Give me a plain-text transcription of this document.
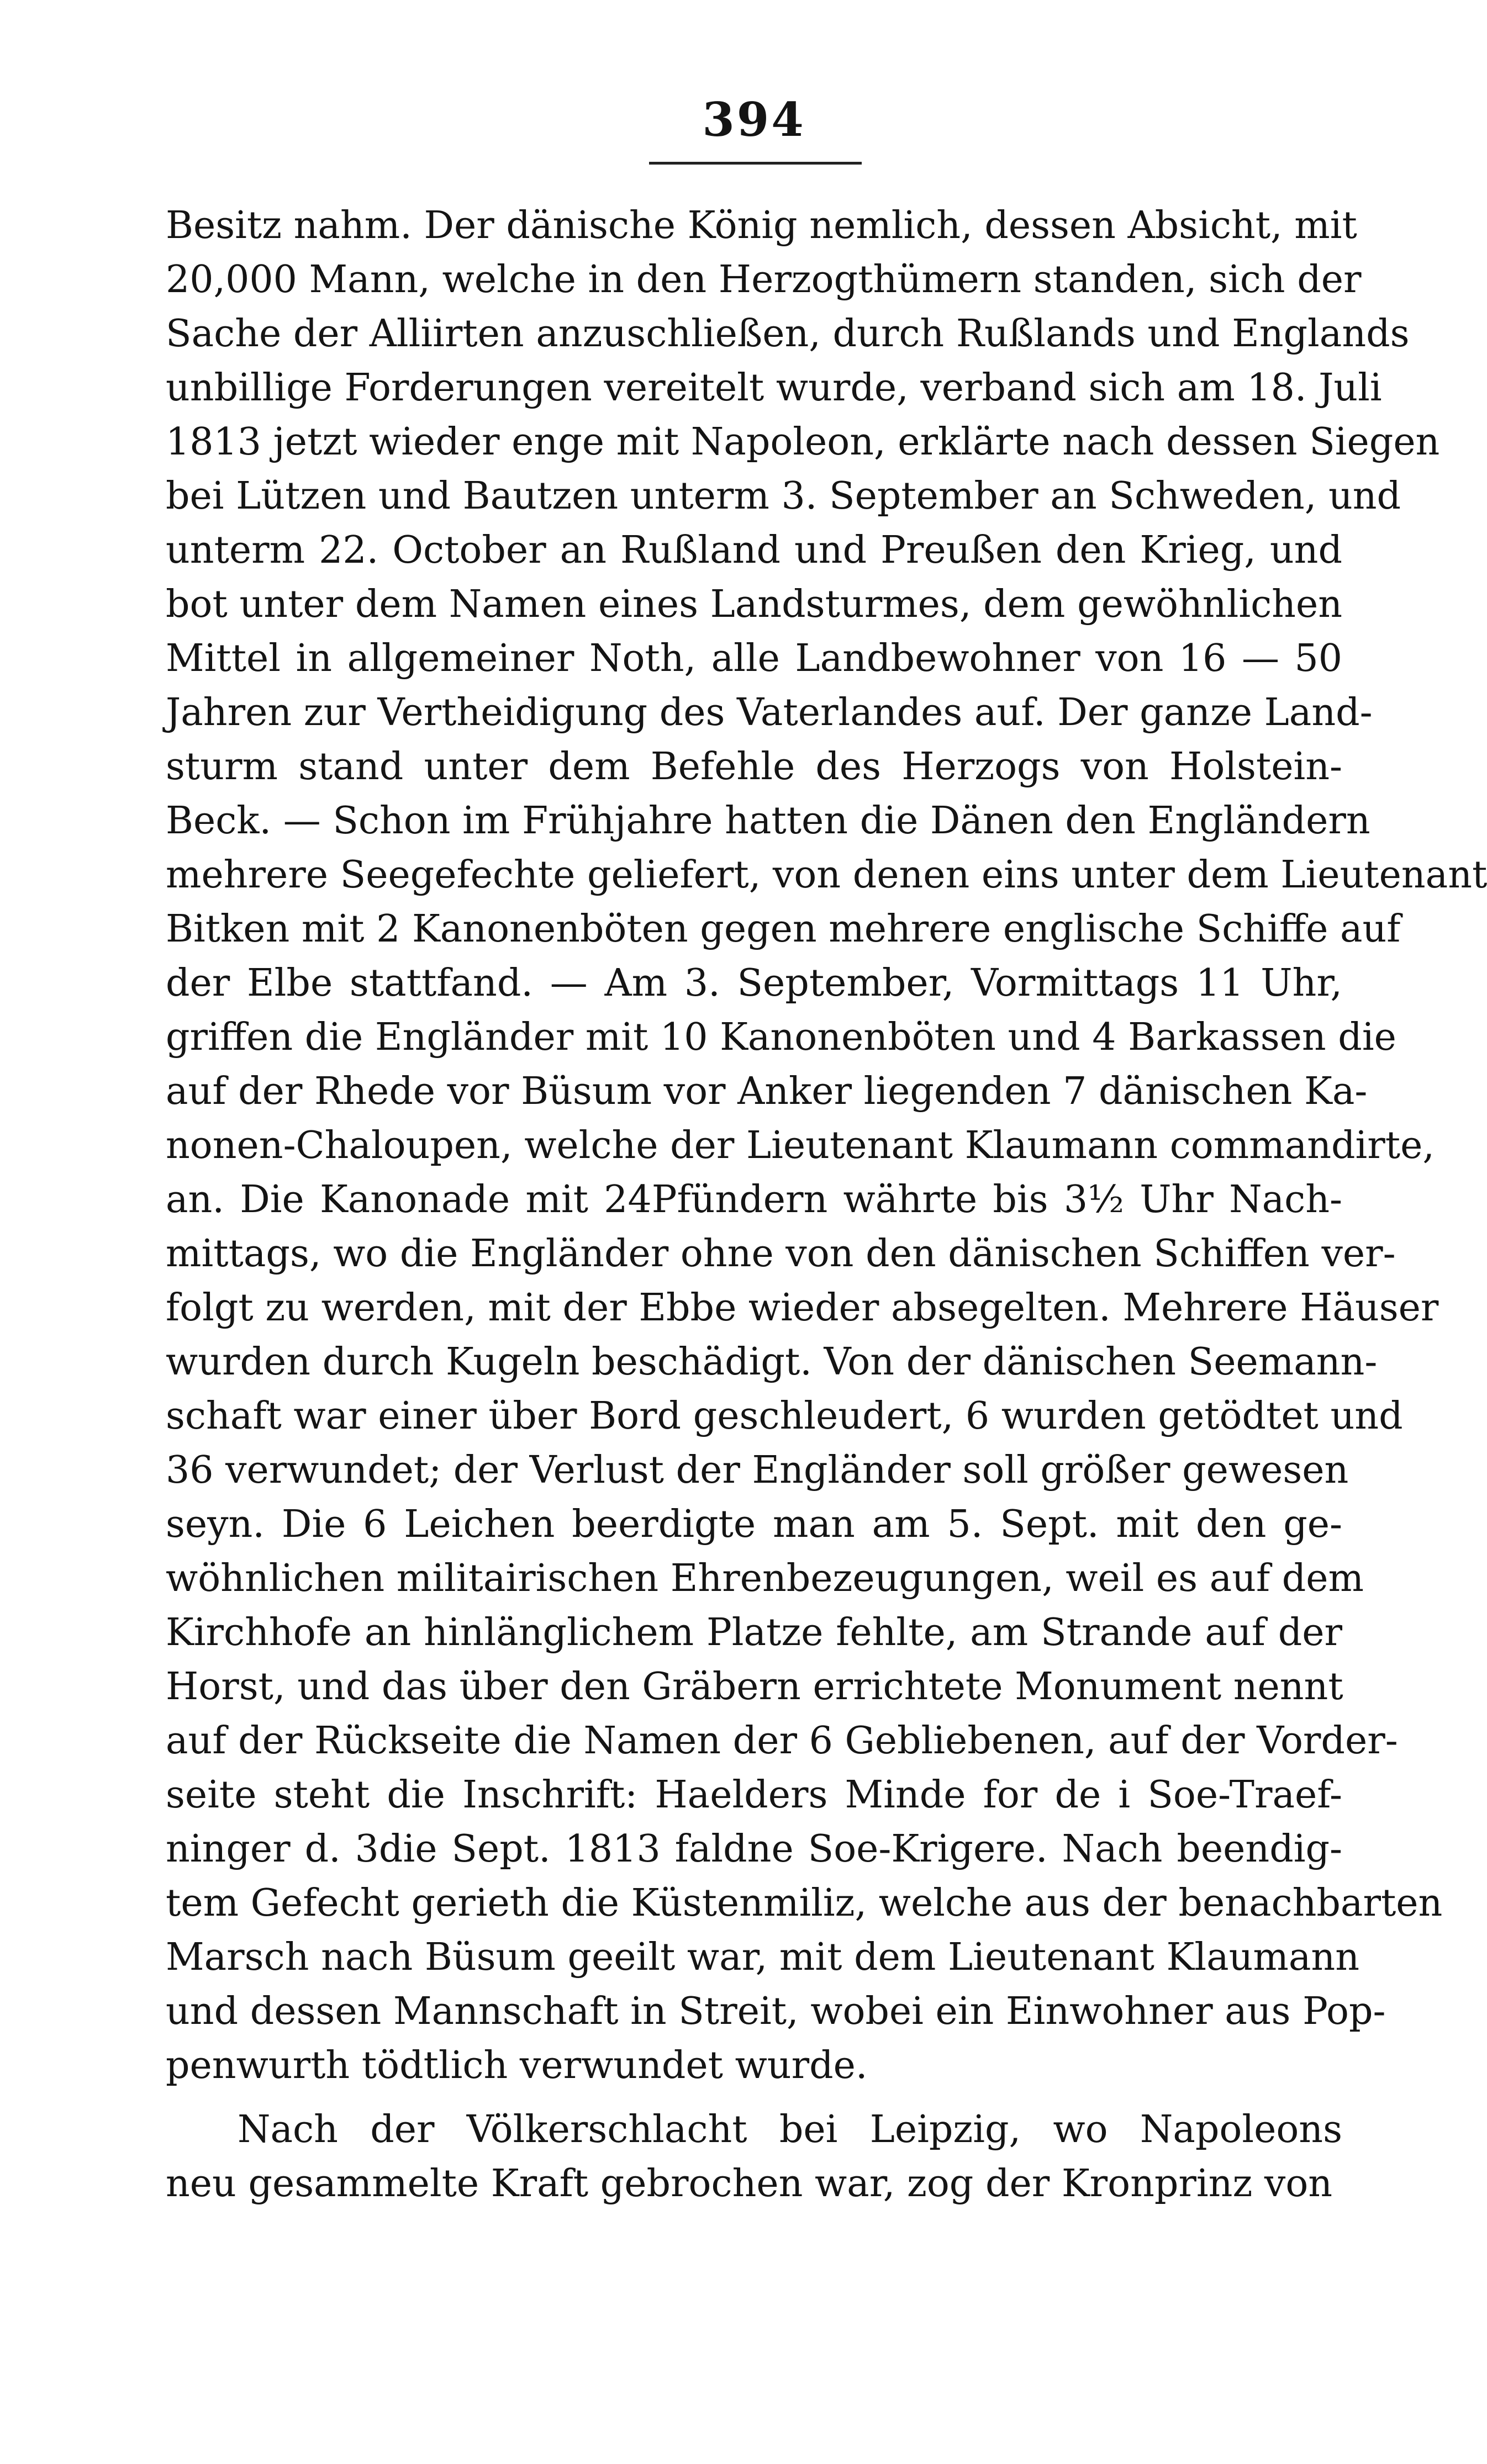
394
Besitz nahm. Der dänische König nemlich, dessen Absicht, mit
20,000 Mann, welche in den Herzogthümern standen, sich der
Sache der Alliirten anzuschließen, durch Rußlands und Englands
unbillige Forderungen vereitelt wurde, verband sich am 18. Juli
1813 jetzt wieder enge mit Napoleon, erklärte nach dessen Siegen
bei Lützen und Bautzen unterm 3. September an Schweden, und
unterm 22. October an Rußland und Preußen den Krieg, und
bot unter dem Namen eines Landsturmes, dem gewöhnlichen
Mittel in allgemeiner Noth, alle Landbewohner von 16 — 50
Jahren zur Vertheidigung des Vaterlandes auf. Der ganze Land-
sturm stand unter dem Befehle des Herzogs von Holstein-
Beck. — Schon im Frühjahre hatten die Dänen den Engländern
mehrere Seegefechte geliefert, von denen eins unter dem Lieutenant
Bitken mit 2 Kanonenböten gegen mehrere englische Schiffe auf
der Elbe stattfand. — Am 3. September, Vormittags 11 Uhr,
griffen die Engländer mit 10 Kanonenböten und 4 Barkassen die
auf der Rhede vor Büsum vor Anker liegenden 7 dänischen Ka-
nonen-Chaloupen, welche der Lieutenant Klaumann commandirte,
an. Die Kanonade mit 24Pfündern währte bis 3½ Uhr Nach-
mittags, wo die Engländer ohne von den dänischen Schiffen ver-
folgt zu werden, mit der Ebbe wieder absegelten. Mehrere Häuser
wurden durch Kugeln beschädigt. Von der dänischen Seemann-
schaft war einer über Bord geschleudert, 6 wurden getödtet und
36 verwundet; der Verlust der Engländer soll größer gewesen
seyn. Die 6 Leichen beerdigte man am 5. Sept. mit den ge-
wöhnlichen militairischen Ehrenbezeugungen, weil es auf dem
Kirchhofe an hinlänglichem Platze fehlte, am Strande auf der
Horst, und das über den Gräbern errichtete Monument nennt
auf der Rückseite die Namen der 6 Gebliebenen, auf der Vorder-
seite steht die Inschrift: Haelders Minde for de i Soe-Traef-
ninger d. 3die Sept. 1813 faldne Soe-Krigere. Nach beendig-
tem Gefecht gerieth die Küstenmiliz, welche aus der benachbarten
Marsch nach Büsum geeilt war, mit dem Lieutenant Klaumann
und dessen Mannschaft in Streit, wobei ein Einwohner aus Pop-
penwurth tödtlich verwundet wurde.
Nach der Völkerschlacht bei Leipzig, wo Napoleons
neu gesammelte Kraft gebrochen war, zog der Kronprinz von
